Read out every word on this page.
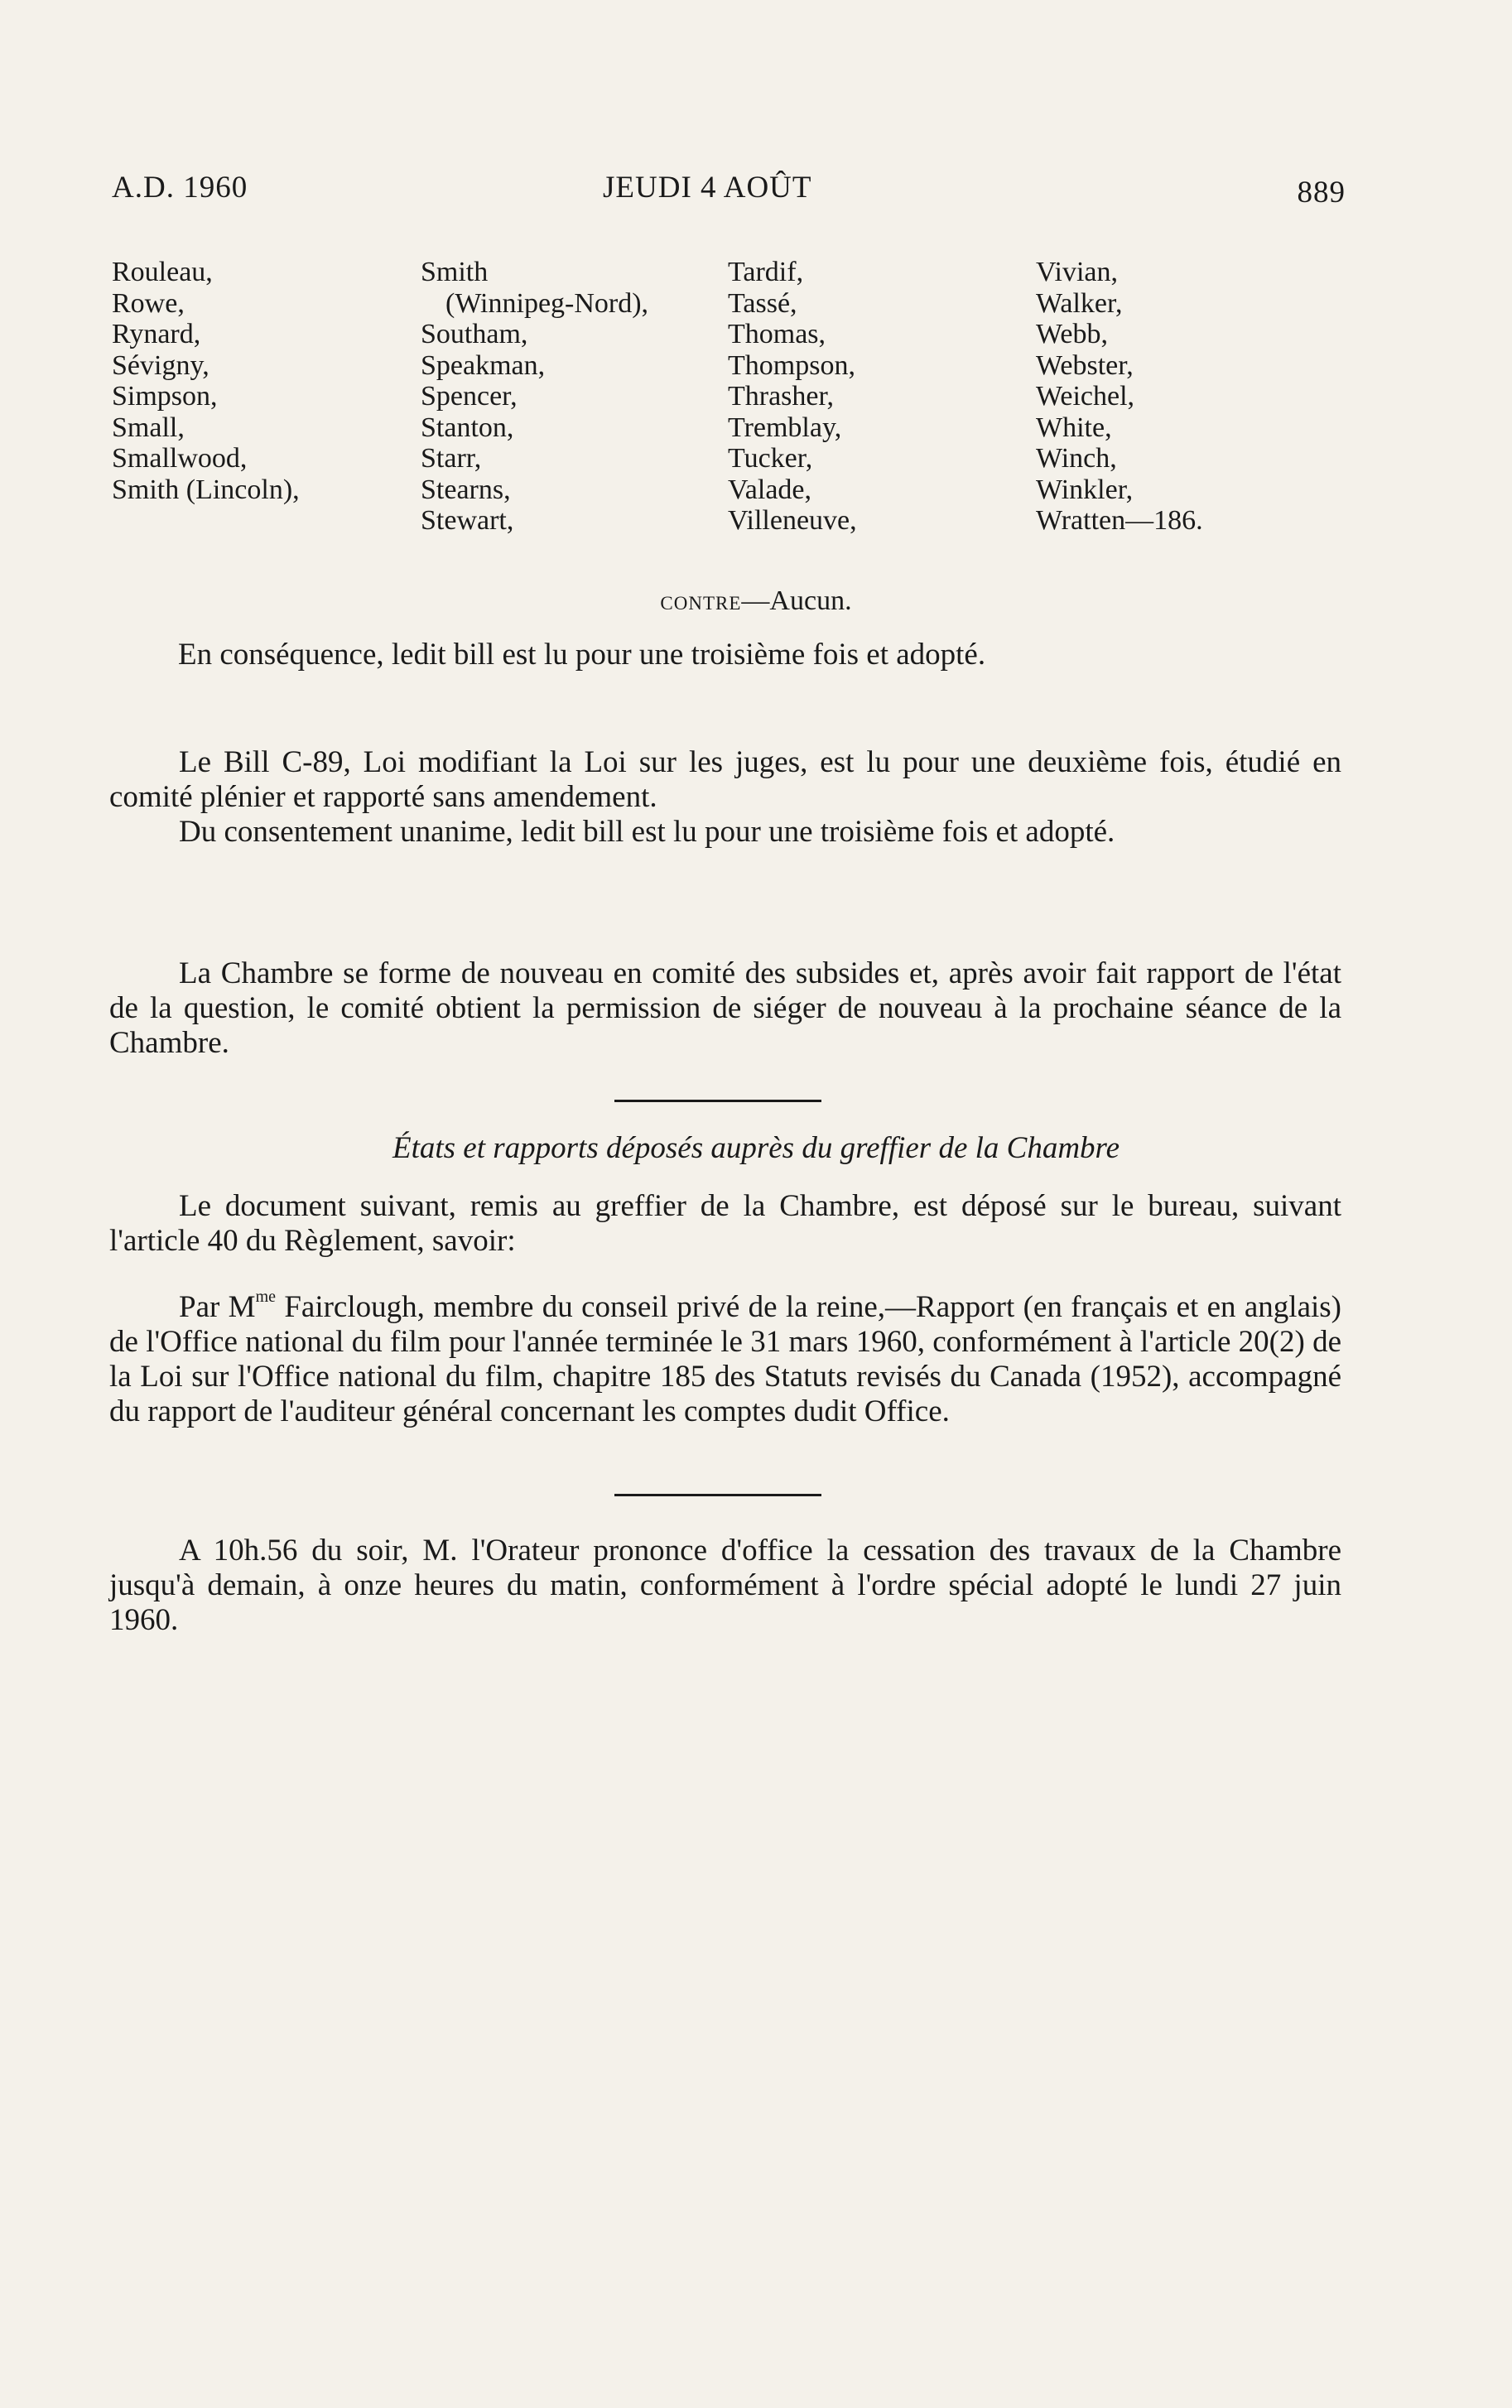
A.D. 1960	JEUDI 4 AOÛT	889
Rouleau,
Rowe,
Rynard,
Sévigny,
Simpson,
Small,
Smallwood,
Smith (Lincoln),
Smith
(Winnipeg-Nord),
Southam,
Speakman,
Spencer,
Stanton,
Starr,
Stearns,
Stewart,
Tardif,
Tassé,
Thomas,
Thompson,
Thrasher,
Tremblay,
Tucker,
Valade,
Villeneuve,
Vivian,
Walker,
Webb,
Webster,
Weichel,
White,
Winch,
Winkler,
Wratten—186.
CONTRE—Aucun.

En conséquence, ledit bill est lu pour une troisième fois et adopté.

Le Bill C-89, Loi modifiant la Loi sur les juges, est lu pour une deuxième fois, étudié en comité plénier et rapporté sans amendement.

Du consentement unanime, ledit bill est lu pour une troisième fois et adopté.

La Chambre se forme de nouveau en comité des subsides et, après avoir fait rapport de l'état de la question, le comité obtient la permission de siéger de nouveau à la prochaine séance de la Chambre.

États et rapports déposés auprès du greffier de la Chambre

Le document suivant, remis au greffier de la Chambre, est déposé sur le bureau, suivant l'article 40 du Règlement, savoir:

Par $M^{me}$ Fairclough, membre du conseil privé de la reine,—Rapport (en français et en anglais) de l'Office national du film pour l'année terminée le 31 mars 1960, conformément à l'article 20(2) de la Loi sur l'Office national du film, chapitre 185 des Statuts revisés du Canada (1952), accompagné du rapport de l'auditeur général concernant les comptes dudit Office.

A 10h.56 du soir, M. l'Orateur prononce d'office la cessation des travaux de la Chambre jusqu'à demain, à onze heures du matin, conformément à l'ordre spécial adopté le lundi 27 juin 1960.
